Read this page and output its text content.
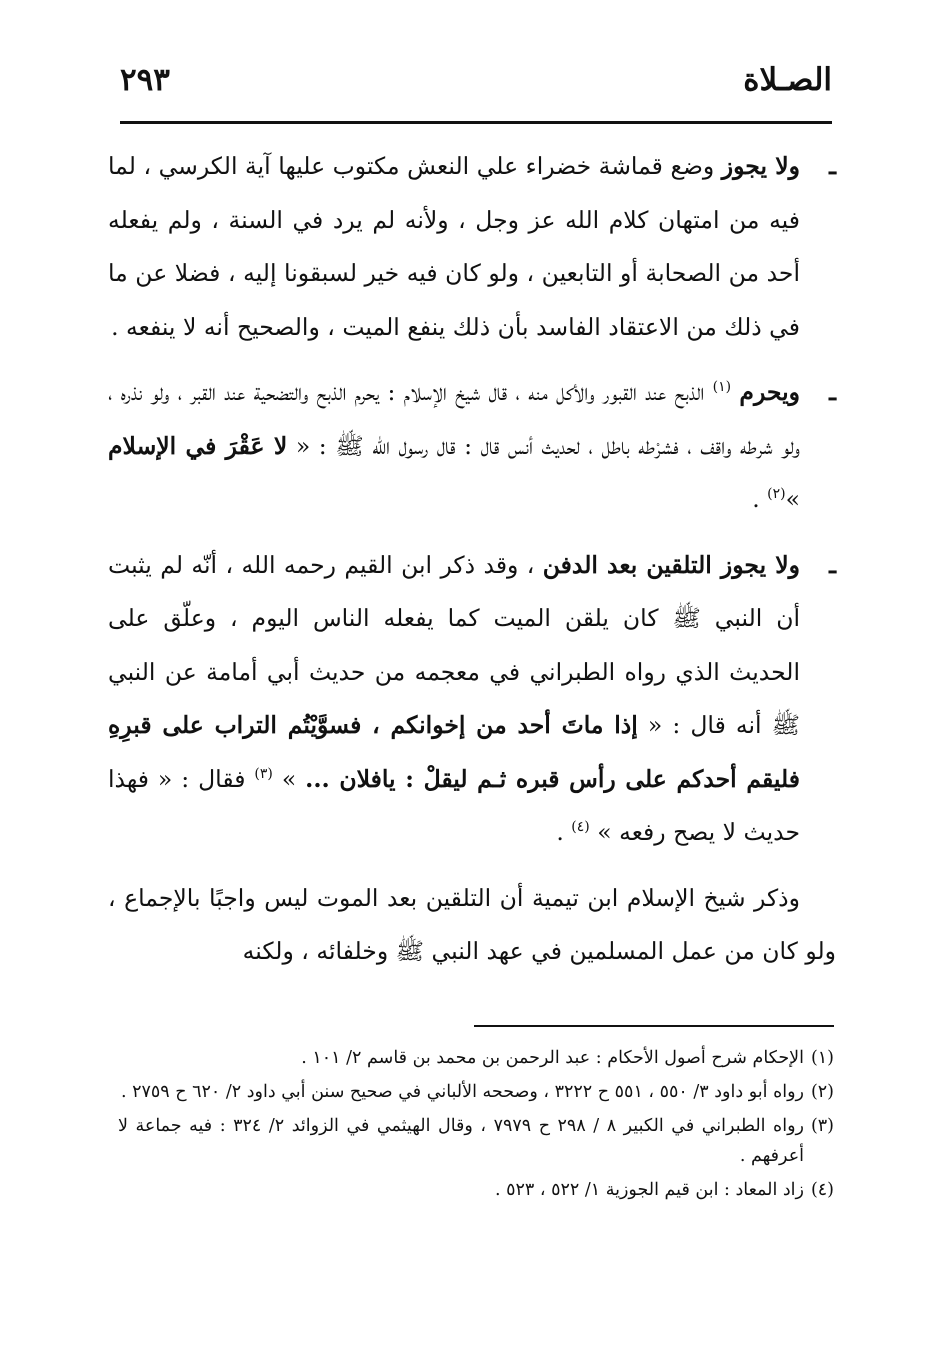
الصـلاة
٢٩٣

ـ
ولا يجوز وضع قماشة خضراء علي النعش مكتوب عليها آية الكرسي ، لما فيه من امتهان كلام الله عز وجل ، ولأنه لم يرد في السنة ، ولم يفعله أحد من الصحابة أو التابعين ، ولو كان فيه خير لسبقونا إليه ، فضلا عن ما في ذلك من الاعتقاد الفاسد بأن ذلك ينفع الميت ، والصحيح أنه لا ينفعه .

ـ
ويحرم $^{(١)}$ الذبح عند القبور والأكل منه ، قال شيخ الإسلام : يحرم الذبح والتضحية عند القبر ، ولو نذره ، ولو شرطه واقف ، فشرْطه باطل ، لحديث أنس قال : قال رسول الله ﷺ : « لا عَقْرَ في الإسلام »$^{(٢)}$ .

ـ
ولا يجوز التلقين بعد الدفن ، وقد ذكر ابن القيم رحمه الله ، أنّه لم يثبت أن النبي ﷺ كان يلقن الميت كما يفعله الناس اليوم ، وعلّق على الحديث الذي رواه الطبراني في معجمه من حديث أبي أمامة عن النبي ﷺ أنه قال : « إذا ماتَ أحد من إخوانكم ، فسوَّيْتُم التراب على قبرِهِ فليقم أحدكم على رأس قبره ثـم ليقلْ : يافلان ... » $^{(٣)}$ فقال : « فهذا حديث لا يصح رفعه » $^{(٤)}$ .

وذكر شيخ الإسلام ابن تيمية أن التلقين بعد الموت ليس واجبًا بالإجماع ، ولو كان من عمل المسلمين في عهد النبي ﷺ وخلفائه ، ولكنه

(١)
الإحكام شرح أصول الأحكام : عبد الرحمن بن محمد بن قاسم ٢/ ١٠١ .

(٢)
رواه أبو داود ٣/ ٥٥٠ ، ٥٥١ ح ٣٢٢٢ ، وصححه الألباني في صحيح سنن أبي داود ٢/ ٦٢٠ ح ٢٧٥٩ .

(٣)
رواه الطبراني في الكبير ٨ / ٢٩٨ ح ٧٩٧٩ ، وقال الهيثمي في الزوائد ٢/ ٣٢٤ : فيه جماعة لا أعرفهم .

(٤)
زاد المعاد : ابن قيم الجوزية ١/ ٥٢٢ ، ٥٢٣ .
